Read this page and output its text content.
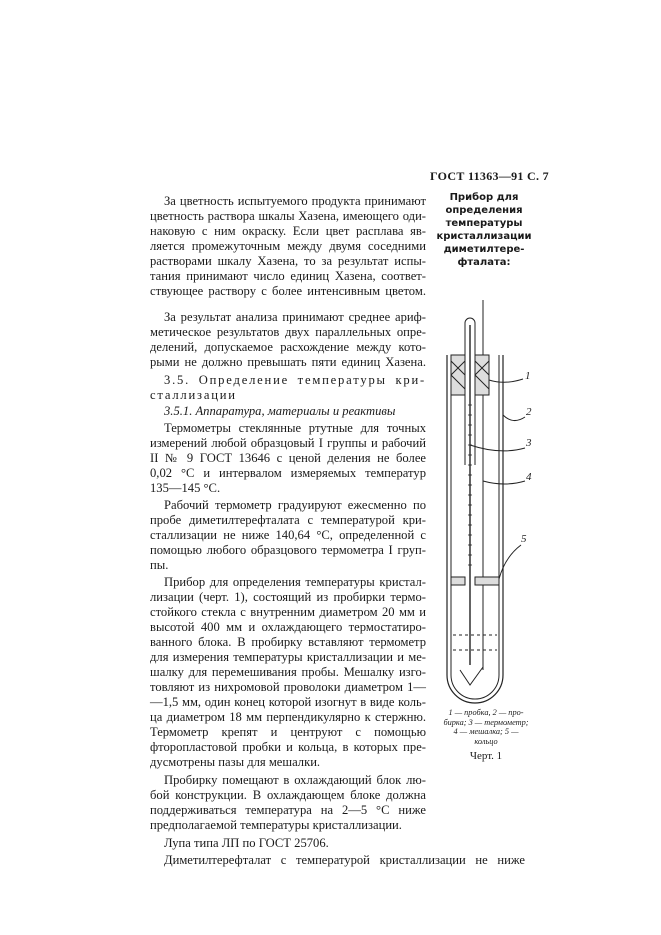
ГОСТ 11363—91 С. 7
За цветность испытуемого продукта принимают
цветность раствора шкалы Хазена, имеющего оди-
наковую с ним окраску. Если цвет расплава яв-
ляется промежуточным между двумя соседними
растворами шкалу Хазена, то за результат испы-
тания принимают число единиц Хазена, соответ-
ствующее раствору с более интенсивным цветом.
За результат анализа принимают среднее ариф-
метическое результатов двух параллельных опре-
делений, допускаемое расхождение между кото-
рыми не должно превышать пяти единиц Хазена.
3.5. Определение температуры кри-
сталлизации
3.5.1. Аппаратура, материалы и реактивы
Термометры стеклянные ртутные для точных
измерений любой образцовый I группы и рабочий
II № 9 ГОСТ 13646 с ценой деления не более
0,02 °С и интервалом измеряемых температур
135—145 °С.
Рабочий термометр градуируют ежесменно по
пробе диметилтерефталата с температурой кри-
сталлизации не ниже 140,64 °С, определенной с
помощью любого образцового термометра I груп-
пы.
Прибор для определения температуры кристал-
лизации (черт. 1), состоящий из пробирки термо-
стойкого стекла с внутренним диаметром 20 мм и
высотой 400 мм и охлаждающего термостатиро-
ванного блока. В пробирку вставляют термометр
для измерения температуры кристаллизации и ме-
шалку для перемешивания пробы. Мешалку изго-
товляют из нихромовой проволоки диаметром 1—
—1,5 мм, один конец которой изогнут в виде коль-
ца диаметром 18 мм перпендикулярно к стержню.
Термометр крепят и центруют с помощью
фторопластовой пробки и кольца, в которых пре-
дусмотрены пазы для мешалки.
Пробирку помещают в охлаждающий блок лю-
бой конструкции. В охлаждающем блоке должна
поддерживаться температура на 2—5 °С ниже
предполагаемой температуры кристаллизации.
Лупа типа ЛП по ГОСТ 25706.
Диметилтерефталат с температурой кристаллизации не ниже
Прибор для
определения
температуры
кристаллизации
диметилтере-
фталата:
1
2
3
4
5
1 — пробка, 2 — про-
бирка; 3 — термометр;
4 — мешалка; 5 —
кольцо
Черт. 1
